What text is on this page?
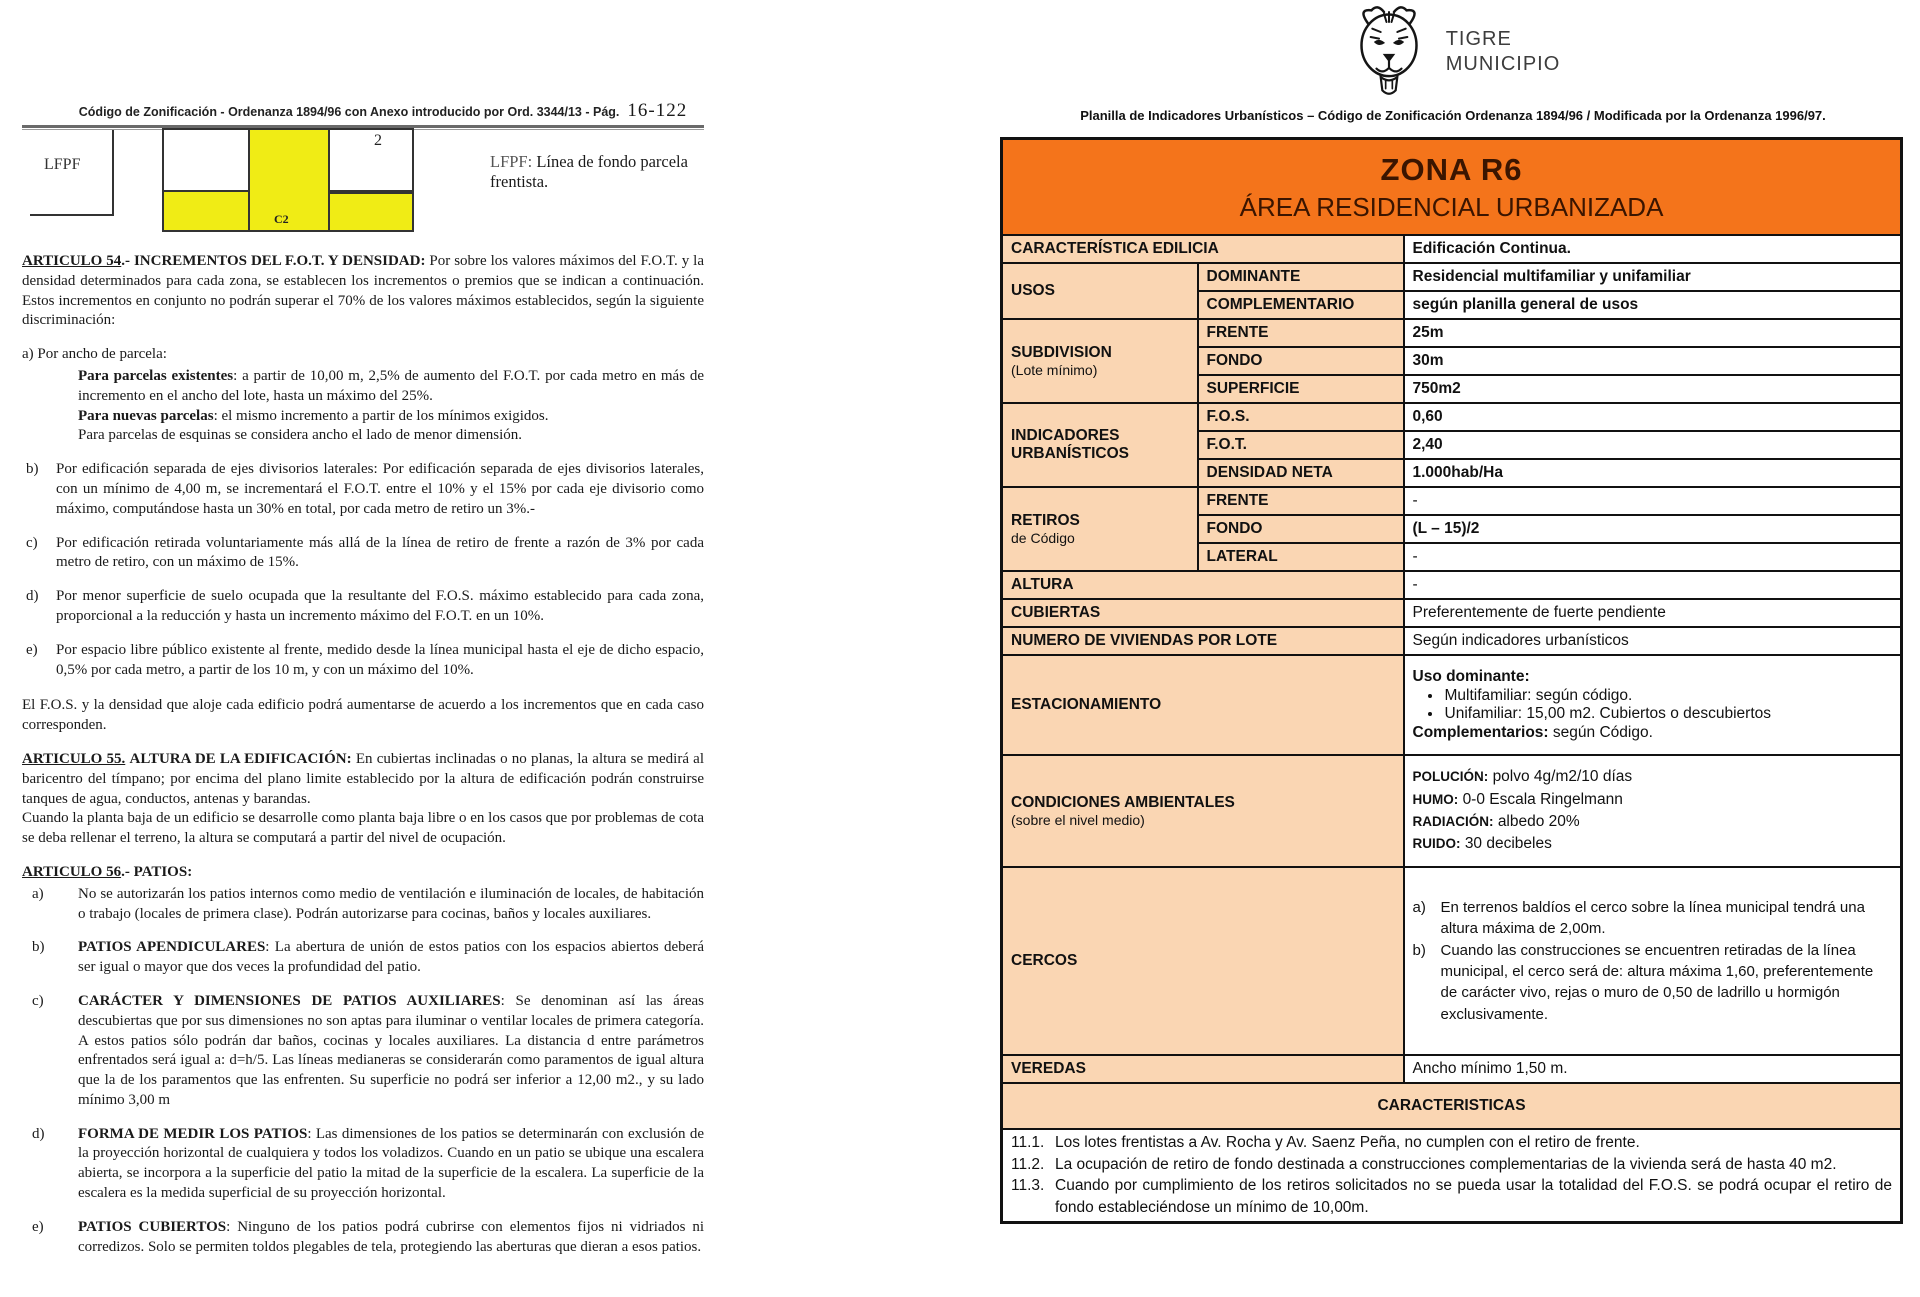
Código de Zonificación - Ordenanza 1894/96 con Anexo introducido por Ord. 3344/13 - Pág. 16-122
LFPF
2
C2
LFPF: Línea de fondo parcela frentista.
ARTICULO 54.- INCREMENTOS DEL F.O.T. Y DENSIDAD: Por sobre los valores máximos del F.O.T. y la densidad determinados para cada zona, se establecen los incrementos o premios que se indican a continuación. Estos incrementos en conjunto no podrán superar el 70% de los valores máximos establecidos, según la siguiente discriminación:
a) Por ancho de parcela:
Para parcelas existentes: a partir de 10,00 m, 2,5% de aumento del F.O.T. por cada metro en más de incremento en el ancho del lote, hasta un máximo del 25%.
Para nuevas parcelas: el mismo incremento a partir de los mínimos exigidos.
Para parcelas de esquinas se considera ancho el lado de menor dimensión.
b)	Por edificación separada de ejes divisorios laterales: Por edificación separada de ejes divisorios laterales, con un mínimo de 4,00 m, se incrementará el F.O.T. entre el 10% y el 15% por cada eje divisorio como máximo, computándose hasta un 30% en total, por cada metro de retiro un 3%.-
c)	Por edificación retirada voluntariamente más allá de la línea de retiro de frente a razón de 3% por cada metro de retiro, con un máximo de 15%.
d)	Por menor superficie de suelo ocupada que la resultante del F.O.S. máximo establecido para cada zona, proporcional a la reducción y hasta un incremento máximo del F.O.T. en un 10%.
e)	Por espacio libre público existente al frente, medido desde la línea municipal hasta el eje de dicho espacio, 0,5% por cada metro, a partir de los 10 m, y con un máximo del 10%.
El F.O.S. y la densidad que aloje cada edificio podrá aumentarse de acuerdo a los incrementos que en cada caso corresponden.
ARTICULO 55. ALTURA DE LA EDIFICACIÓN: En cubiertas inclinadas o no planas, la altura se medirá al baricentro del tímpano; por encima del plano limite establecido por la altura de edificación podrán construirse tanques de agua, conductos, antenas y barandas.
Cuando la planta baja de un edificio se desarrolle como planta baja libre o en los casos que por problemas de cota se deba rellenar el terreno, la altura se computará a partir del nivel de ocupación.
ARTICULO 56.- PATIOS:
a)	No se autorizarán los patios internos como medio de ventilación e iluminación de locales, de habitación o trabajo (locales de primera clase). Podrán autorizarse para cocinas, baños y locales auxiliares.
b)	PATIOS APENDICULARES: La abertura de unión de estos patios con los espacios abiertos deberá ser igual o mayor que dos veces la profundidad del patio.
c)	CARÁCTER Y DIMENSIONES DE PATIOS AUXILIARES: Se denominan así las áreas descubiertas que por sus dimensiones no son aptas para iluminar o ventilar locales de primera categoría. A estos patios sólo podrán dar baños, cocinas y locales auxiliares. La distancia d entre parámetros enfrentados será igual a: d=h/5. Las líneas medianeras se considerarán como paramentos de igual altura que la de los paramentos que las enfrenten. Su superficie no podrá ser inferior a 12,00 m2., y su lado mínimo 3,00 m
d)	FORMA DE MEDIR LOS PATIOS: Las dimensiones de los patios se determinarán con exclusión de la proyección horizontal de cualquiera y todos los voladizos. Cuando en un patio se ubique una escalera abierta, se incorpora a la superficie del patio la mitad de la superficie de la escalera. La superficie de la escalera es la medida superficial de su proyección horizontal.
e)	PATIOS CUBIERTOS: Ninguno de los patios podrá cubrirse con elementos fijos ni vidriados ni corredizos. Solo se permiten toldos plegables de tela, protegiendo las aberturas que dieran a esos patios.
TIGRE
MUNICIPIO
Planilla de Indicadores Urbanísticos – Código de Zonificación Ordenanza 1894/96 / Modificada por la Ordenanza 1996/97.
ZONA R6
ÁREA RESIDENCIAL URBANIZADA		

CARACTERÍSTICA EDILICIA		Edificación Continua.
USOS	DOMINANTE	Residencial multifamiliar y unifamiliar
	COMPLEMENTARIO	según planilla general de usos

SUBDIVISION
(Lote mínimo)	FRENTE	25m
	FONDO	30m
	SUPERFICIE	750m2

INDICADORES
URBANÍSTICOS	F.O.S.	0,60
	F.O.T.	2,40
	DENSIDAD NETA	1.000hab/Ha

RETIROS
de Código	FRENTE	-
	FONDO	(L – 15)/2
	LATERAL	-
ALTURA		-
CUBIERTAS		Preferentemente de fuerte pendiente
NUMERO DE VIVIENDAS POR LOTE		Según indicadores urbanísticos
ESTACIONAMIENTO	
Uso dominante:
• Multifamiliar: según código.
• Unifamiliar: 15,00 m2. Cubiertos o descubiertos
Complementarios: según Código.

CONDICIONES AMBIENTALES
(sobre el nivel medio)

POLUCIÓN: polvo 4g/m2/10 días
HUMO: 0-0 Escala Ringelmann
RADIACIÓN: albedo 20%
RUIDO: 30 decibeles

CERCOS		a) En terrenos baldíos el cerco sobre la línea municipal tendrá una altura máxima de 2,00m.
b) Cuando las construcciones se encuentren retiradas de la línea municipal, el cerco será de: altura máxima 1,60, preferentemente de carácter vivo, rejas o muro de 0,50 de ladrillo u hormigón exclusivamente.

VEREDAS		Ancho mínimo 1,50 m.
CARACTERISTICAS		

11.1. Los lotes frentistas a Av. Rocha y Av. Saenz Peña, no cumplen con el retiro de frente.
11.2. La ocupación de retiro de fondo destinada a construcciones complementarias de la vivienda será de hasta 40 m2.
11.3. Cuando por cumplimiento de los retiros solicitados no se pueda usar la totalidad del F.O.S. se podrá ocupar el retiro de fondo estableciéndose un mínimo de 10,00m.
